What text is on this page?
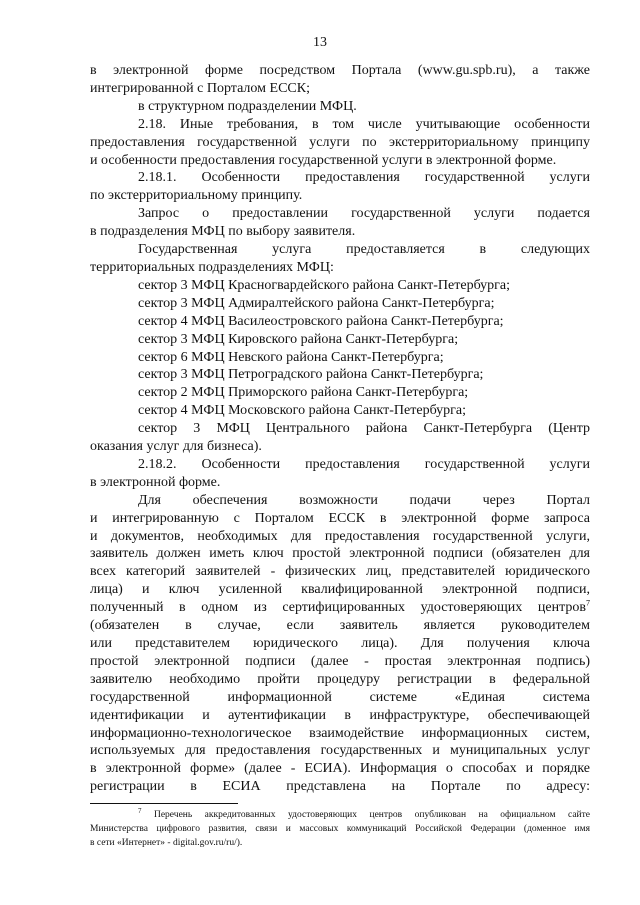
13

в электронной форме посредством Портала (www.gu.spb.ru), а также

интегрированной с Порталом ЕССК;

в структурном подразделении МФЦ.

2.18. Иные требования, в том числе учитывающие особенности

предоставления государственной услуги по экстерриториальному принципу

и особенности предоставления государственной услуги в электронной форме.

2.18.1. Особенности предоставления государственной услуги

по экстерриториальному принципу.

Запрос о предоставлении государственной услуги подается

в подразделения МФЦ по выбору заявителя.

Государственная услуга предоставляется в следующих

территориальных подразделениях МФЦ:

сектор 3 МФЦ Красногвардейского района Санкт-Петербурга;

сектор 3 МФЦ Адмиралтейского района Санкт-Петербурга;

сектор 4 МФЦ Василеостровского района Санкт-Петербурга;

сектор 3 МФЦ Кировского района Санкт-Петербурга;

сектор 6 МФЦ Невского района Санкт-Петербурга;

сектор 3 МФЦ Петроградского района Санкт-Петербурга;

сектор 2 МФЦ Приморского района Санкт-Петербурга;

сектор 4 МФЦ Московского района Санкт-Петербурга;

сектор 3 МФЦ Центрального района Санкт-Петербурга (Центр

оказания услуг для бизнеса).

2.18.2. Особенности предоставления государственной услуги

в электронной форме.

Для обеспечения возможности подачи через Портал

и интегрированную с Порталом ЕССК в электронной форме запроса

и документов, необходимых для предоставления государственной услуги,

заявитель должен иметь ключ простой электронной подписи (обязателен для

всех категорий заявителей - физических лиц, представителей юридического

лица) и ключ усиленной квалифицированной электронной подписи,

полученный в одном из сертифицированных удостоверяющих центров$^7$

(обязателен в случае, если заявитель является руководителем

или представителем юридического лица). Для получения ключа

простой электронной подписи (далее - простая электронная подпись)

заявителю необходимо пройти процедуру регистрации в федеральной

государственной информационной системе «Единая система

идентификации и аутентификации в инфраструктуре, обеспечивающей

информационно-технологическое взаимодействие информационных систем,

используемых для предоставления государственных и муниципальных услуг

в электронной форме» (далее - ЕСИА). Информация о способах и порядке

регистрации в ЕСИА представлена на Портале по адресу:

$^7$ Перечень аккредитованных удостоверяющих центров опубликован на официальном сайте

Министерства цифрового развития, связи и массовых коммуникаций Российской Федерации (доменное имя

в сети «Интернет» - digital.gov.ru/ru/).
